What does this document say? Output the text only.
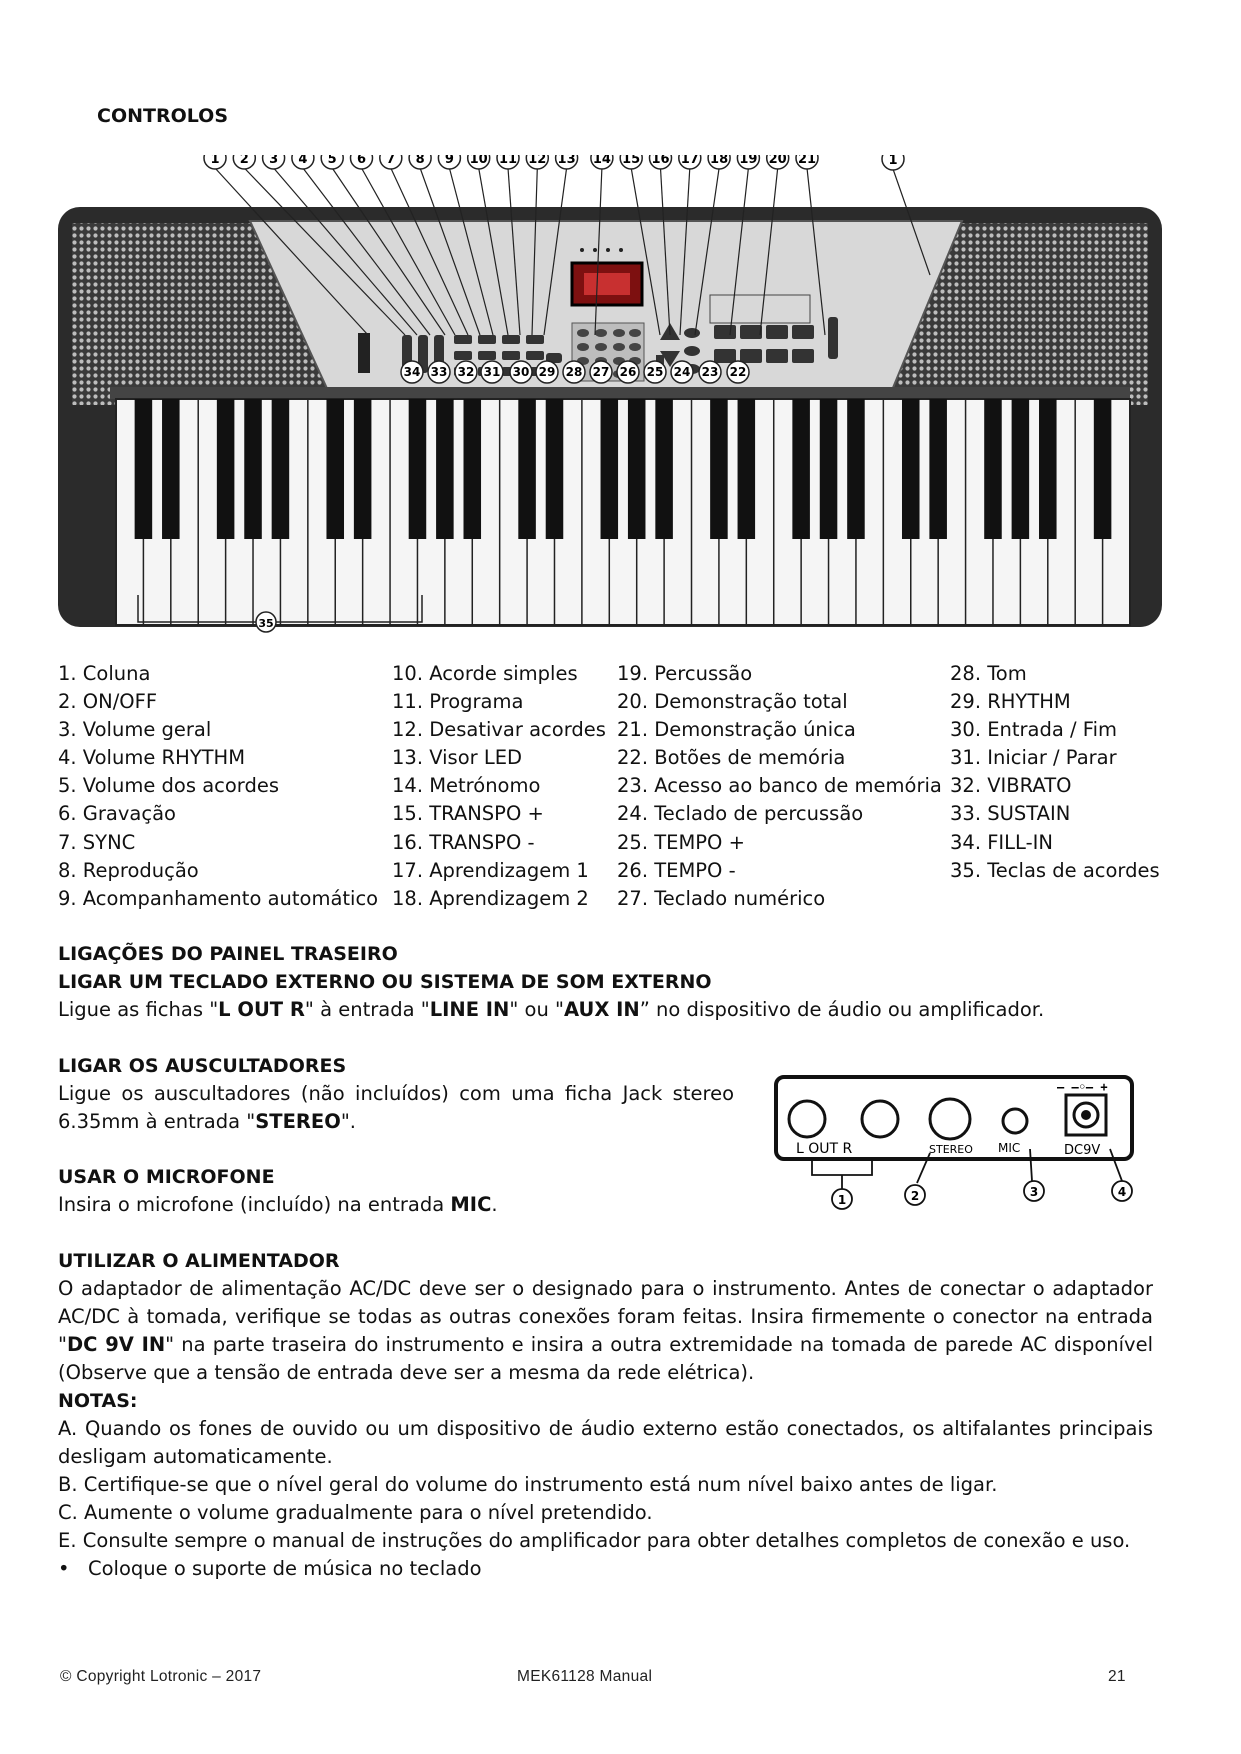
CONTROLOS
1 2 3 4 5 6 7 8 9 10 11 12 13 14 15 16 17 18 19 20 21	1
34 33 32 31 30 29 28 27 26 25 24 23 22
35
1. Coluna
2. ON/OFF
3. Volume geral
4. Volume RHYTHM
5. Volume dos acordes
6. Gravação
7. SYNC
8. Reprodução
9. Acompanhamento automático
10. Acorde simples
11. Programa
12. Desativar acordes
13. Visor LED
14. Metrónomo
15. TRANSPO +
16. TRANSPO -
17. Aprendizagem 1
18. Aprendizagem 2
19. Percussão
20. Demonstração total
21. Demonstração única
22. Botões de memória
23. Acesso ao banco de memória
24. Teclado de percussão
25. TEMPO +
26. TEMPO -
27. Teclado numérico
28. Tom
29. RHYTHM
30. Entrada / Fim
31. Iniciar / Parar
32. VIBRATO
33. SUSTAIN
34. FILL-IN
35. Teclas de acordes
LIGAÇÕES DO PAINEL TRASEIRO
LIGAR UM TECLADO EXTERNO OU SISTEMA DE SOM EXTERNO
Ligue as fichas "L OUT R" à entrada "LINE IN" ou "AUX IN” no dispositivo de áudio ou amplificador.
LIGAR OS AUSCULTADORES
Ligue os auscultadores (não incluídos) com uma ficha Jack stereo 6.35mm à entrada "STEREO".
USAR O MICROFONE
Insira o microfone (incluído) na entrada MIC.
– –◦– +
L OUT R	STEREO MIC	DC9V
1	2	3	4
UTILIZAR O ALIMENTADOR
O adaptador de alimentação AC/DC deve ser o designado para o instrumento. Antes de conectar o adaptador AC/DC à tomada, verifique se todas as outras conexões foram feitas. Insira firmemente o conector na entrada "DC 9V IN" na parte traseira do instrumento e insira a outra extremidade na tomada de parede AC disponível (Observe que a tensão de entrada deve ser a mesma da rede elétrica).
NOTAS:
A. Quando os fones de ouvido ou um dispositivo de áudio externo estão conectados, os altifalantes principais desligam automaticamente.
B. Certifique-se que o nível geral do volume do instrumento está num nível baixo antes de ligar.
C. Aumente o volume gradualmente para o nível pretendido.
E. Consulte sempre o manual de instruções do amplificador para obter detalhes completos de conexão e uso.
• Coloque o suporte de música no teclado
© Copyright Lotronic – 2017	MEK61128 Manual	21
